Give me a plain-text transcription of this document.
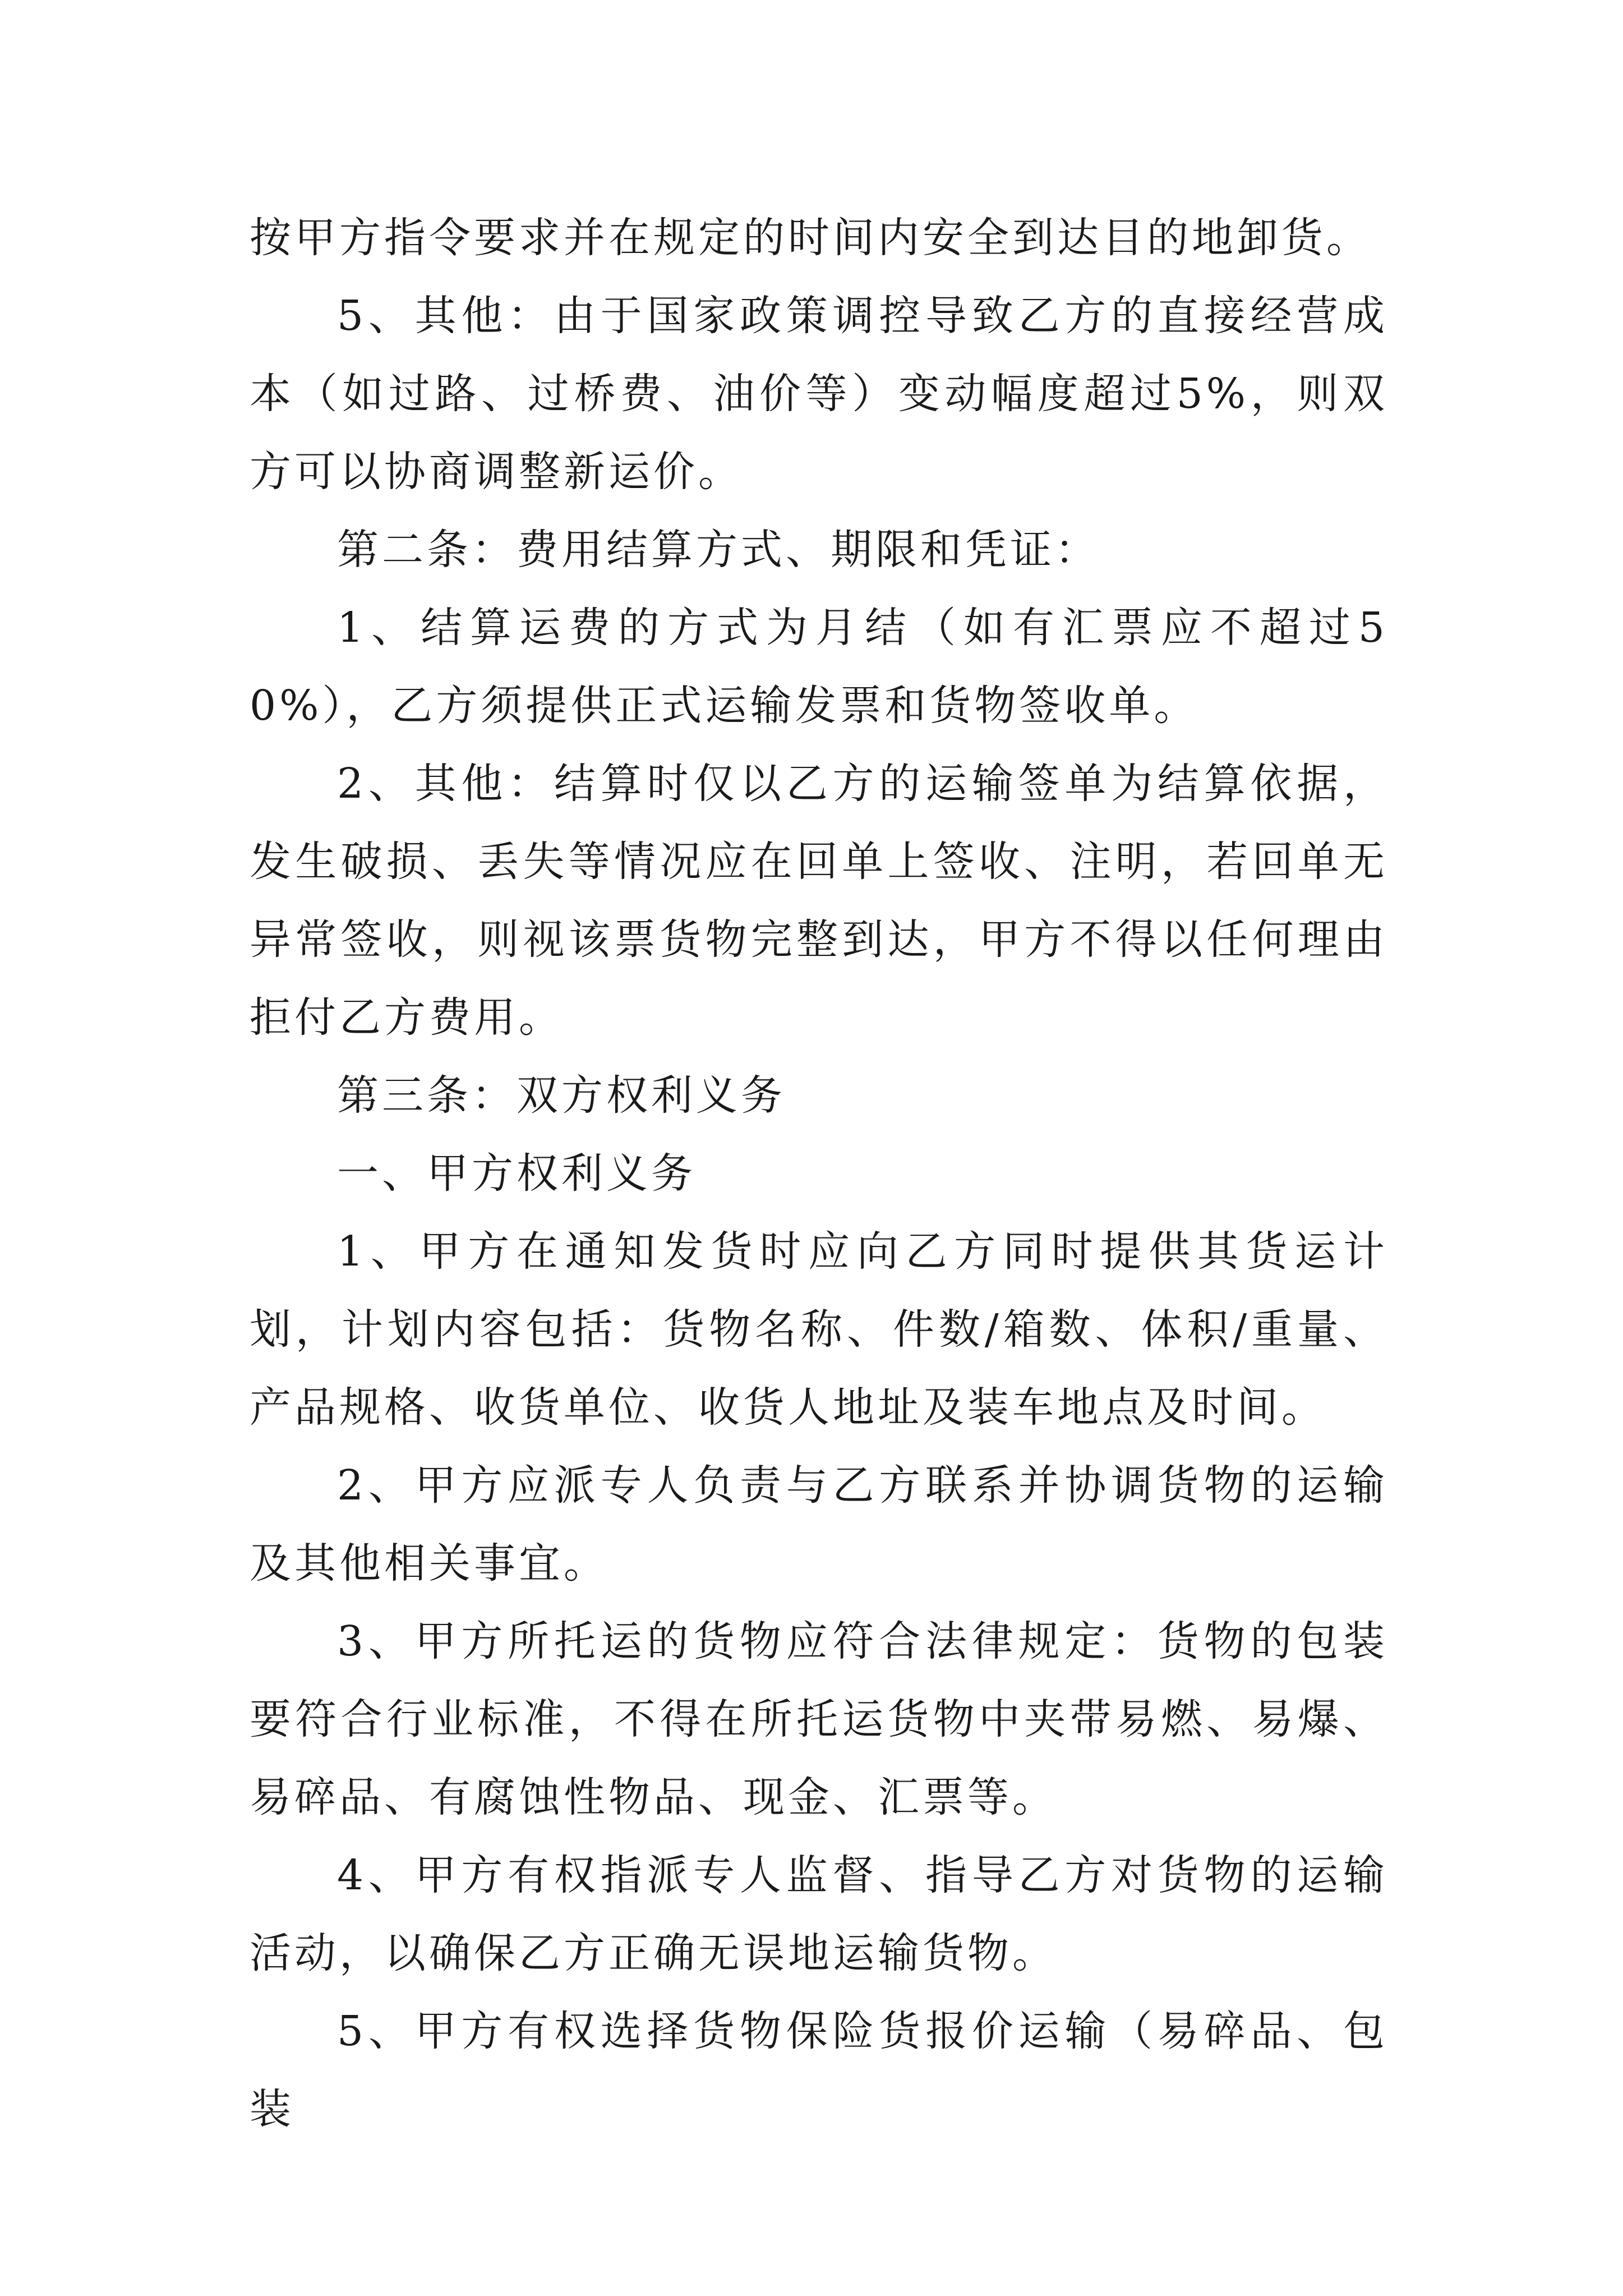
按甲方指令要求并在规定的时间内安全到达目的地卸货。

5、其他：由于国家政策调控导致乙方的直接经营成本（如过路、过桥费、油价等）变动幅度超过5%，则双方可以协商调整新运价。

第二条：费用结算方式、期限和凭证：

1、结算运费的方式为月结（如有汇票应不超过50%），乙方须提供正式运输发票和货物签收单。

2、其他：结算时仅以乙方的运输签单为结算依据，发生破损、丢失等情况应在回单上签收、注明，若回单无异常签收，则视该票货物完整到达，甲方不得以任何理由拒付乙方费用。

第三条：双方权利义务

一、甲方权利义务

1、甲方在通知发货时应向乙方同时提供其货运计划，计划内容包括：货物名称、件数/箱数、体积/重量、产品规格、收货单位、收货人地址及装车地点及时间。

2、甲方应派专人负责与乙方联系并协调货物的运输及其他相关事宜。

3、甲方所托运的货物应符合法律规定：货物的包装要符合行业标准，不得在所托运货物中夹带易燃、易爆、易碎品、有腐蚀性物品、现金、汇票等。

4、甲方有权指派专人监督、指导乙方对货物的运输活动，以确保乙方正确无误地运输货物。

5、甲方有权选择货物保险货报价运输（易碎品、包装
